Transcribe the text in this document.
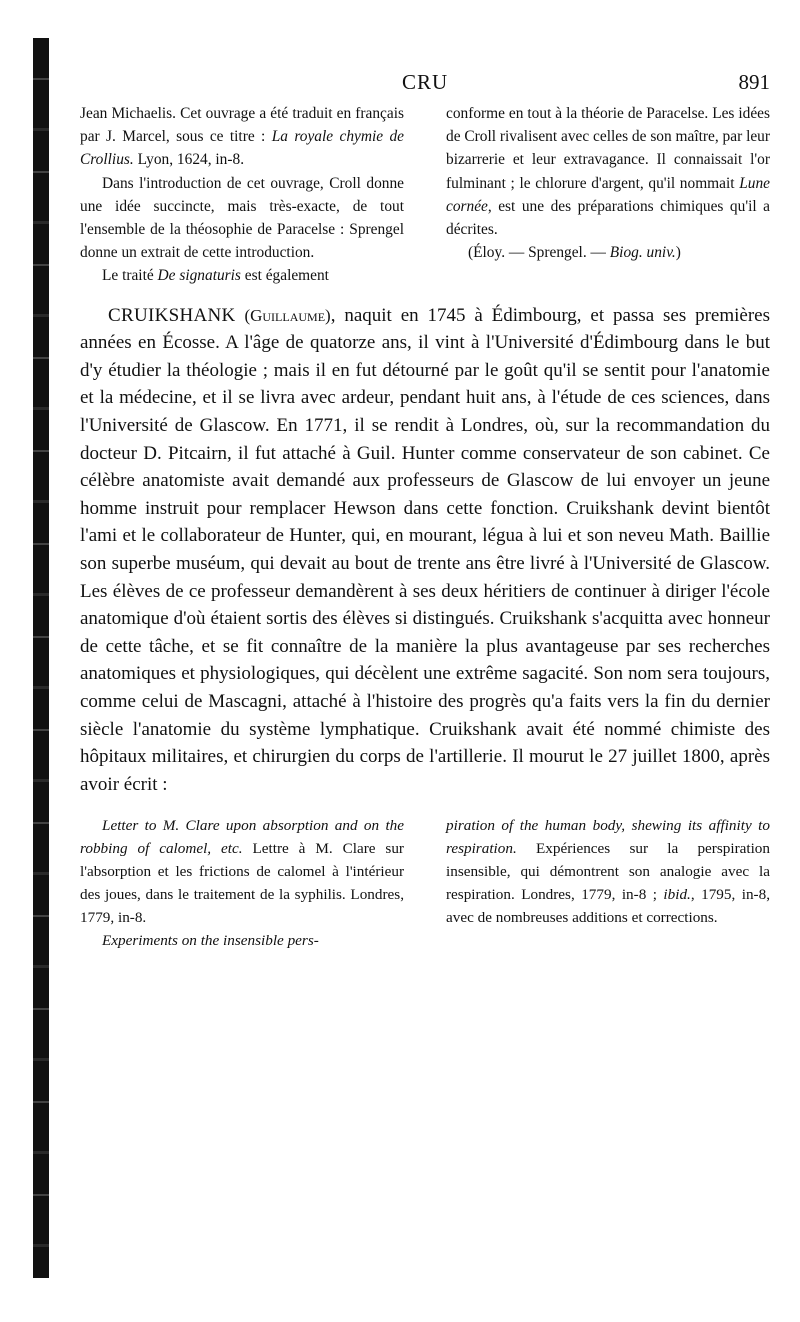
CRU	891

Jean Michaelis. Cet ouvrage a été traduit en français par J. Marcel, sous ce titre : La royale chymie de Crollius. Lyon, 1624, in-8.

Dans l'introduction de cet ouvrage, Croll donne une idée succincte, mais très-exacte, de tout l'ensemble de la théosophie de Paracelse : Sprengel donne un extrait de cette introduction.

Le traité De signaturis est également

conforme en tout à la théorie de Paracelse. Les idées de Croll rivalisent avec celles de son maître, par leur bizarrerie et leur extravagance. Il connaissait l'or fulminant ; le chlorure d'argent, qu'il nommait Lune cornée, est une des préparations chimiques qu'il a décrites.

(Éloy. — Sprengel. — Biog. univ.)

CRUIKSHANK (Guillaume), naquit en 1745 à Édimbourg, et passa ses premières années en Écosse. A l'âge de quatorze ans, il vint à l'Université d'Édimbourg dans le but d'y étudier la théologie ; mais il en fut détourné par le goût qu'il se sentit pour l'anatomie et la médecine, et il se livra avec ardeur, pendant huit ans, à l'étude de ces sciences, dans l'Université de Glascow. En 1771, il se rendit à Londres, où, sur la recommandation du docteur D. Pitcairn, il fut attaché à Guil. Hunter comme conservateur de son cabinet. Ce célèbre anatomiste avait demandé aux professeurs de Glascow de lui envoyer un jeune homme instruit pour remplacer Hewson dans cette fonction. Cruikshank devint bientôt l'ami et le collaborateur de Hunter, qui, en mourant, légua à lui et son neveu Math. Baillie son superbe muséum, qui devait au bout de trente ans être livré à l'Université de Glascow. Les élèves de ce professeur demandèrent à ses deux héritiers de continuer à diriger l'école anatomique d'où étaient sortis des élèves si distingués. Cruikshank s'acquitta avec honneur de cette tâche, et se fit connaître de la manière la plus avantageuse par ses recherches anatomiques et physiologiques, qui décèlent une extrême sagacité. Son nom sera toujours, comme celui de Mascagni, attaché à l'histoire des progrès qu'a faits vers la fin du dernier siècle l'anatomie du système lymphatique. Cruikshank avait été nommé chimiste des hôpitaux militaires, et chirurgien du corps de l'artillerie. Il mourut le 27 juillet 1800, après avoir écrit :

Letter to M. Clare upon absorption and on the robbing of calomel, etc. Lettre à M. Clare sur l'absorption et les frictions de calomel à l'intérieur des joues, dans le traitement de la syphilis. Londres, 1779, in-8.

Experiments on the insensible pers-

piration of the human body, shewing its affinity to respiration. Expériences sur la perspiration insensible, qui démontrent son analogie avec la respiration. Londres, 1779, in-8 ; ibid., 1795, in-8, avec de nombreuses additions et corrections.
